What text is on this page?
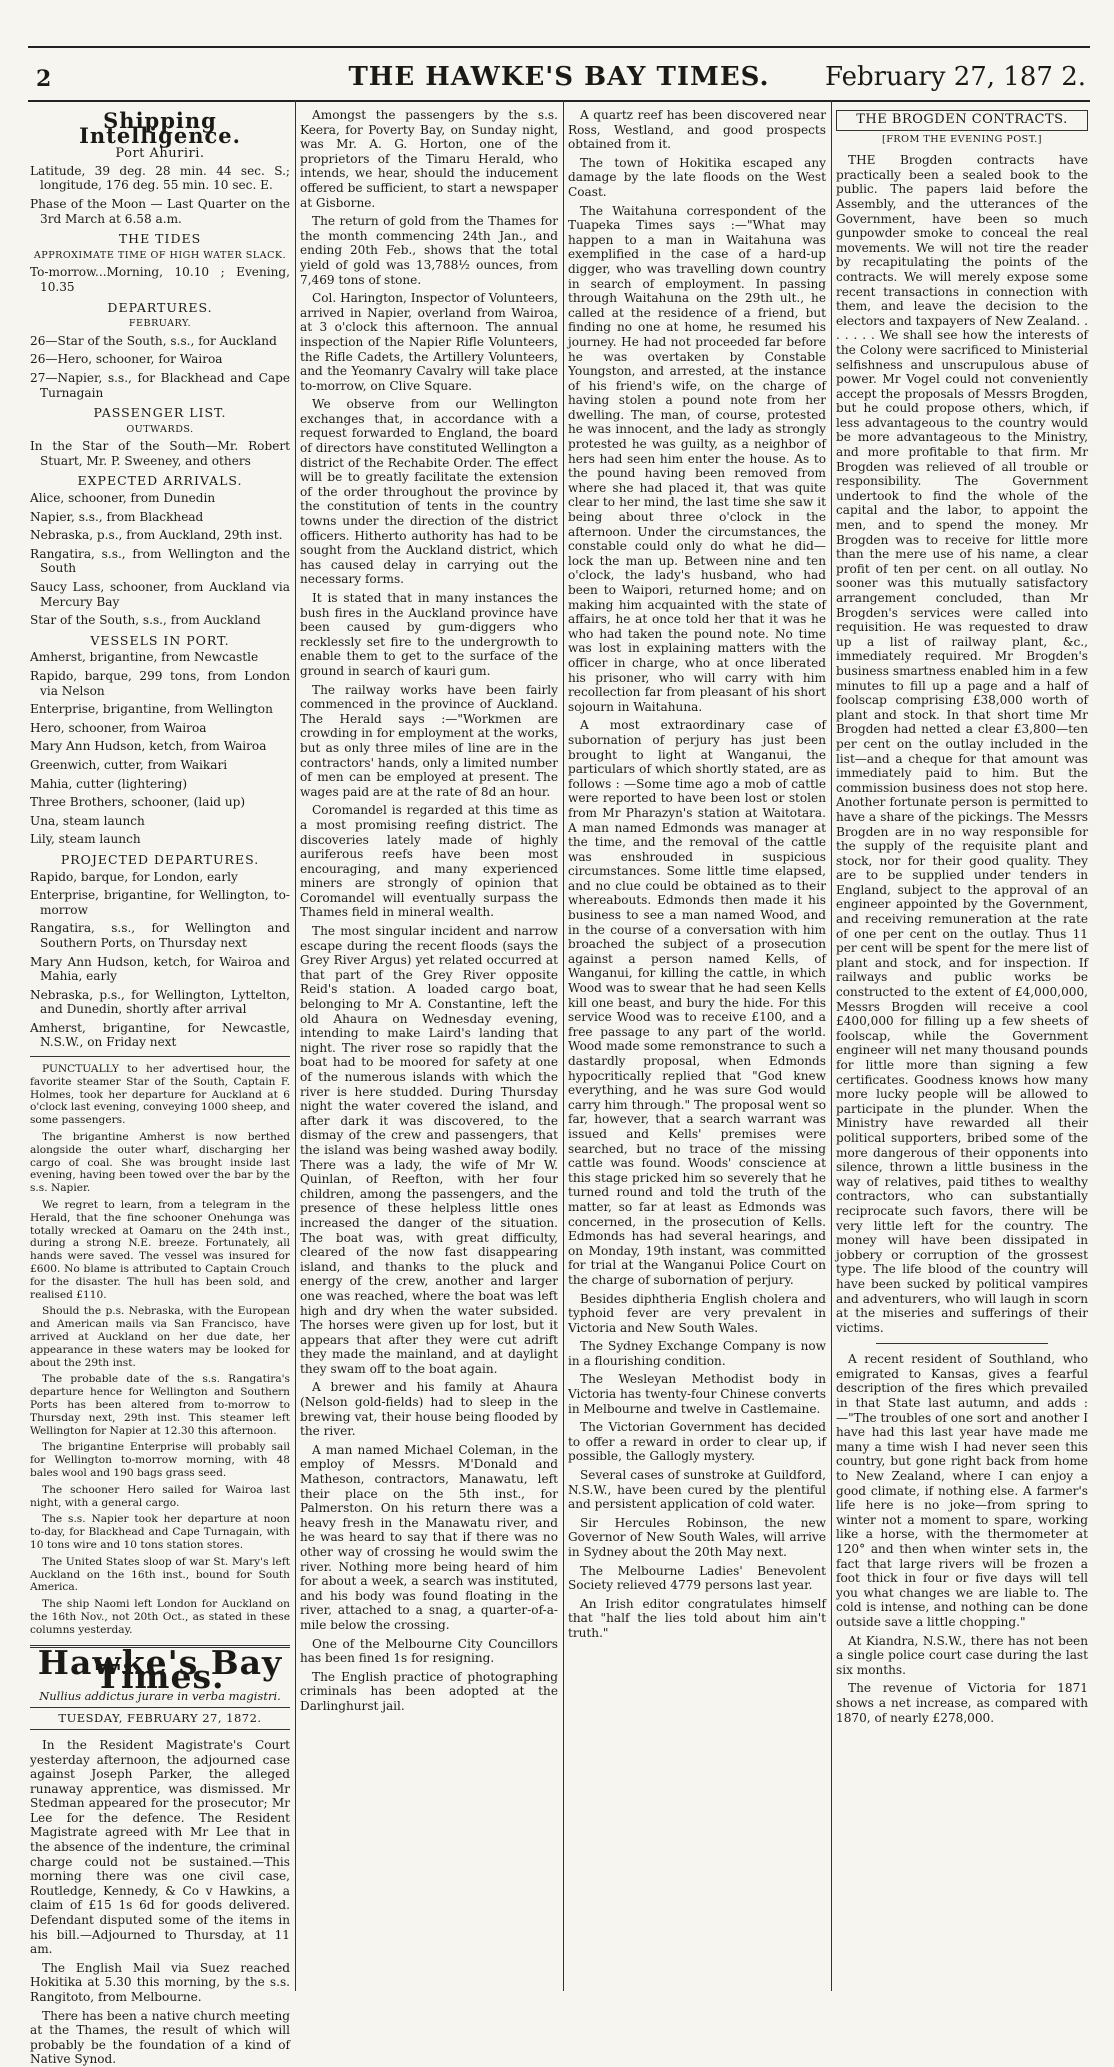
2	THE HAWKE'S BAY TIMES.	February 27, 187 2.
Shipping Intelligence.
Port Ahuriri.

Latitude, 39 deg. 28 min. 44 sec. S.; longitude, 176 deg. 55 min. 10 sec. E.

Phase of the Moon — Last Quarter on the 3rd March at 6.58 a.m.

THE TIDES
APPROXIMATE TIME OF HIGH WATER SLACK.

To-morrow...Morning, 10.10 ; Evening, 10.35

DEPARTURES.
FEBRUARY.

26—Star of the South, s.s., for Auckland

26—Hero, schooner, for Wairoa

27—Napier, s.s., for Blackhead and Cape Turnagain

PASSENGER LIST.
OUTWARDS.

In the Star of the South—Mr. Robert Stuart, Mr. P. Sweeney, and others

EXPECTED ARRIVALS.

Alice, schooner, from Dunedin

Napier, s.s., from Blackhead

Nebraska, p.s., from Auckland, 29th inst.

Rangatira, s.s., from Wellington and the South

Saucy Lass, schooner, from Auckland via Mercury Bay

Star of the South, s.s., from Auckland

VESSELS IN PORT.

Amherst, brigantine, from Newcastle

Rapido, barque, 299 tons, from London via Nelson

Enterprise, brigantine, from Wellington

Hero, schooner, from Wairoa

Mary Ann Hudson, ketch, from Wairoa

Greenwich, cutter, from Waikari

Mahia, cutter (lightering)

Three Brothers, schooner, (laid up)

Una, steam launch

Lily, steam launch

PROJECTED DEPARTURES.

Rapido, barque, for London, early

Enterprise, brigantine, for Wellington, to-morrow

Rangatira, s.s., for Wellington and Southern Ports, on Thursday next

Mary Ann Hudson, ketch, for Wairoa and Mahia, early

Nebraska, p.s., for Wellington, Lyttelton, and Dunedin, shortly after arrival

Amherst, brigantine, for Newcastle, N.S.W., on Friday next

PUNCTUALLY to her advertised hour, the favorite steamer Star of the South, Captain F. Holmes, took her departure for Auckland at 6 o'clock last evening, conveying 1000 sheep, and some passengers.

The brigantine Amherst is now berthed alongside the outer wharf, discharging her cargo of coal. She was brought inside last evening, having been towed over the bar by the s.s. Napier.

We regret to learn, from a telegram in the Herald, that the fine schooner Onehunga was totally wrecked at Oamaru on the 24th inst., during a strong N.E. breeze. Fortunately, all hands were saved. The vessel was insured for £600. No blame is attributed to Captain Crouch for the disaster. The hull has been sold, and realised £110.

Should the p.s. Nebraska, with the European and American mails via San Francisco, have arrived at Auckland on her due date, her appearance in these waters may be looked for about the 29th inst.

The probable date of the s.s. Rangatira's departure hence for Wellington and Southern Ports has been altered from to-morrow to Thursday next, 29th inst. This steamer left Wellington for Napier at 12.30 this afternoon.

The brigantine Enterprise will probably sail for Wellington to-morrow morning, with 48 bales wool and 190 bags grass seed.

The schooner Hero sailed for Wairoa last night, with a general cargo.

The s.s. Napier took her departure at noon to-day, for Blackhead and Cape Turnagain, with 10 tons wire and 10 tons station stores.

The United States sloop of war St. Mary's left Auckland on the 16th inst., bound for South America.

The ship Naomi left London for Auckland on the 16th Nov., not 20th Oct., as stated in these columns yesterday.

Hawke's Bay Times.
Nullius addictus jurare in verba magistri.
TUESDAY, FEBRUARY 27, 1872.

In the Resident Magistrate's Court yesterday afternoon, the adjourned case against Joseph Parker, the alleged runaway apprentice, was dismissed. Mr Stedman appeared for the prosecutor; Mr Lee for the defence. The Resident Magistrate agreed with Mr Lee that in the absence of the indenture, the criminal charge could not be sustained.—This morning there was one civil case, Routledge, Kennedy, & Co v Hawkins, a claim of £15 1s 6d for goods delivered. Defendant disputed some of the items in his bill.—Adjourned to Thursday, at 11 am.

The English Mail via Suez reached Hokitika at 5.30 this morning, by the s.s. Rangitoto, from Melbourne.

There has been a native church meeting at the Thames, the result of which will probably be the foundation of a kind of Native Synod.

Amongst the passengers by the s.s. Keera, for Poverty Bay, on Sunday night, was Mr. A. G. Horton, one of the proprietors of the Timaru Herald, who intends, we hear, should the inducement offered be sufficient, to start a newspaper at Gisborne.

The return of gold from the Thames for the month commencing 24th Jan., and ending 20th Feb., shows that the total yield of gold was 13,788½ ounces, from 7,469 tons of stone.

Col. Harington, Inspector of Volunteers, arrived in Napier, overland from Wairoa, at 3 o'clock this afternoon. The annual inspection of the Napier Rifle Volunteers, the Rifle Cadets, the Artillery Volunteers, and the Yeomanry Cavalry will take place to-morrow, on Clive Square.

We observe from our Wellington exchanges that, in accordance with a request forwarded to England, the board of directors have constituted Wellington a district of the Rechabite Order. The effect will be to greatly facilitate the extension of the order throughout the province by the constitution of tents in the country towns under the direction of the district officers. Hitherto authority has had to be sought from the Auckland district, which has caused delay in carrying out the necessary forms.

It is stated that in many instances the bush fires in the Auckland province have been caused by gum-diggers who recklessly set fire to the undergrowth to enable them to get to the surface of the ground in search of kauri gum.

The railway works have been fairly commenced in the province of Auckland. The Herald says :—"Workmen are crowding in for employment at the works, but as only three miles of line are in the contractors' hands, only a limited number of men can be employed at present. The wages paid are at the rate of 8d an hour.

Coromandel is regarded at this time as a most promising reefing district. The discoveries lately made of highly auriferous reefs have been most encouraging, and many experienced miners are strongly of opinion that Coromandel will eventually surpass the Thames field in mineral wealth.

The most singular incident and narrow escape during the recent floods (says the Grey River Argus) yet related occurred at that part of the Grey River opposite Reid's station. A loaded cargo boat, belonging to Mr A. Constantine, left the old Ahaura on Wednesday evening, intending to make Laird's landing that night. The river rose so rapidly that the boat had to be moored for safety at one of the numerous islands with which the river is here studded. During Thursday night the water covered the island, and after dark it was discovered, to the dismay of the crew and passengers, that the island was being washed away bodily. There was a lady, the wife of Mr W. Quinlan, of Reefton, with her four children, among the passengers, and the presence of these helpless little ones increased the danger of the situation. The boat was, with great difficulty, cleared of the now fast disappearing island, and thanks to the pluck and energy of the crew, another and larger one was reached, where the boat was left high and dry when the water subsided. The horses were given up for lost, but it appears that after they were cut adrift they made the mainland, and at daylight they swam off to the boat again.

A brewer and his family at Ahaura (Nelson gold-fields) had to sleep in the brewing vat, their house being flooded by the river.

A man named Michael Coleman, in the employ of Messrs. M'Donald and Matheson, contractors, Manawatu, left their place on the 5th inst., for Palmerston. On his return there was a heavy fresh in the Manawatu river, and he was heard to say that if there was no other way of crossing he would swim the river. Nothing more being heard of him for about a week, a search was instituted, and his body was found floating in the river, attached to a snag, a quarter-of-a-mile below the crossing.

One of the Melbourne City Councillors has been fined 1s for resigning.

The English practice of photographing criminals has been adopted at the Darlinghurst jail.

A quartz reef has been discovered near Ross, Westland, and good prospects obtained from it.

The town of Hokitika escaped any damage by the late floods on the West Coast.

The Waitahuna correspondent of the Tuapeka Times says :—"What may happen to a man in Waitahuna was exemplified in the case of a hard-up digger, who was travelling down country in search of employment. In passing through Waitahuna on the 29th ult., he called at the residence of a friend, but finding no one at home, he resumed his journey. He had not proceeded far before he was overtaken by Constable Youngston, and arrested, at the instance of his friend's wife, on the charge of having stolen a pound note from her dwelling. The man, of course, protested he was innocent, and the lady as strongly protested he was guilty, as a neighbor of hers had seen him enter the house. As to the pound having been removed from where she had placed it, that was quite clear to her mind, the last time she saw it being about three o'clock in the afternoon. Under the circumstances, the constable could only do what he did—lock the man up. Between nine and ten o'clock, the lady's husband, who had been to Waipori, returned home; and on making him acquainted with the state of affairs, he at once told her that it was he who had taken the pound note. No time was lost in explaining matters with the officer in charge, who at once liberated his prisoner, who will carry with him recollection far from pleasant of his short sojourn in Waitahuna.

A most extraordinary case of subornation of perjury has just been brought to light at Wanganui, the particulars of which shortly stated, are as follows : —Some time ago a mob of cattle were reported to have been lost or stolen from Mr Pharazyn's station at Waitotara. A man named Edmonds was manager at the time, and the removal of the cattle was enshrouded in suspicious circumstances. Some little time elapsed, and no clue could be obtained as to their whereabouts. Edmonds then made it his business to see a man named Wood, and in the course of a conversation with him broached the subject of a prosecution against a person named Kells, of Wanganui, for killing the cattle, in which Wood was to swear that he had seen Kells kill one beast, and bury the hide. For this service Wood was to receive £100, and a free passage to any part of the world. Wood made some remonstrance to such a dastardly proposal, when Edmonds hypocritically replied that "God knew everything, and he was sure God would carry him through." The proposal went so far, however, that a search warrant was issued and Kells' premises were searched, but no trace of the missing cattle was found. Woods' conscience at this stage pricked him so severely that he turned round and told the truth of the matter, so far at least as Edmonds was concerned, in the prosecution of Kells. Edmonds has had several hearings, and on Monday, 19th instant, was committed for trial at the Wanganui Police Court on the charge of subornation of perjury.

Besides diphtheria English cholera and typhoid fever are very prevalent in Victoria and New South Wales.

The Sydney Exchange Company is now in a flourishing condition.

The Wesleyan Methodist body in Victoria has twenty-four Chinese converts in Melbourne and twelve in Castlemaine.

The Victorian Government has decided to offer a reward in order to clear up, if possible, the Gallogly mystery.

Several cases of sunstroke at Guildford, N.S.W., have been cured by the plentiful and persistent application of cold water.

Sir Hercules Robinson, the new Governor of New South Wales, will arrive in Sydney about the 20th May next.

The Melbourne Ladies' Benevolent Society relieved 4779 persons last year.

An Irish editor congratulates himself that "half the lies told about him ain't truth."

THE BROGDEN CONTRACTS.
[FROM THE EVENING POST.]

THE Brogden contracts have practically been a sealed book to the public. The papers laid before the Assembly, and the utterances of the Government, have been so much gunpowder smoke to conceal the real movements. We will not tire the reader by recapitulating the points of the contracts. We will merely expose some recent transactions in connection with them, and leave the decision to the electors and taxpayers of New Zealand. . . . . . . We shall see how the interests of the Colony were sacrificed to Ministerial selfishness and unscrupulous abuse of power. Mr Vogel could not conveniently accept the proposals of Messrs Brogden, but he could propose others, which, if less advantageous to the country would be more advantageous to the Ministry, and more profitable to that firm. Mr Brogden was relieved of all trouble or responsibility. The Government undertook to find the whole of the capital and the labor, to appoint the men, and to spend the money. Mr Brogden was to receive for little more than the mere use of his name, a clear profit of ten per cent. on all outlay. No sooner was this mutually satisfactory arrangement concluded, than Mr Brogden's services were called into requisition. He was requested to draw up a list of railway plant, &c., immediately required. Mr Brogden's business smartness enabled him in a few minutes to fill up a page and a half of foolscap comprising £38,000 worth of plant and stock. In that short time Mr Brogden had netted a clear £3,800—ten per cent on the outlay included in the list—and a cheque for that amount was immediately paid to him. But the commission business does not stop here. Another fortunate person is permitted to have a share of the pickings. The Messrs Brogden are in no way responsible for the supply of the requisite plant and stock, nor for their good quality. They are to be supplied under tenders in England, subject to the approval of an engineer appointed by the Government, and receiving remuneration at the rate of one per cent on the outlay. Thus 11 per cent will be spent for the mere list of plant and stock, and for inspection. If railways and public works be constructed to the extent of £4,000,000, Messrs Brogden will receive a cool £400,000 for filling up a few sheets of foolscap, while the Government engineer will net many thousand pounds for little more than signing a few certificates. Goodness knows how many more lucky people will be allowed to participate in the plunder. When the Ministry have rewarded all their political supporters, bribed some of the more dangerous of their opponents into silence, thrown a little business in the way of relatives, paid tithes to wealthy contractors, who can substantially reciprocate such favors, there will be very little left for the country. The money will have been dissipated in jobbery or corruption of the grossest type. The life blood of the country will have been sucked by political vampires and adventurers, who will laugh in scorn at the miseries and sufferings of their victims.

A recent resident of Southland, who emigrated to Kansas, gives a fearful description of the fires which prevailed in that State last autumn, and adds :—"The troubles of one sort and another I have had this last year have made me many a time wish I had never seen this country, but gone right back from home to New Zealand, where I can enjoy a good climate, if nothing else. A farmer's life here is no joke—from spring to winter not a moment to spare, working like a horse, with the thermometer at 120° and then when winter sets in, the fact that large rivers will be frozen a foot thick in four or five days will tell you what changes we are liable to. The cold is intense, and nothing can be done outside save a little chopping."

At Kiandra, N.S.W., there has not been a single police court case during the last six months.

The revenue of Victoria for 1871 shows a net increase, as compared with 1870, of nearly £278,000.
